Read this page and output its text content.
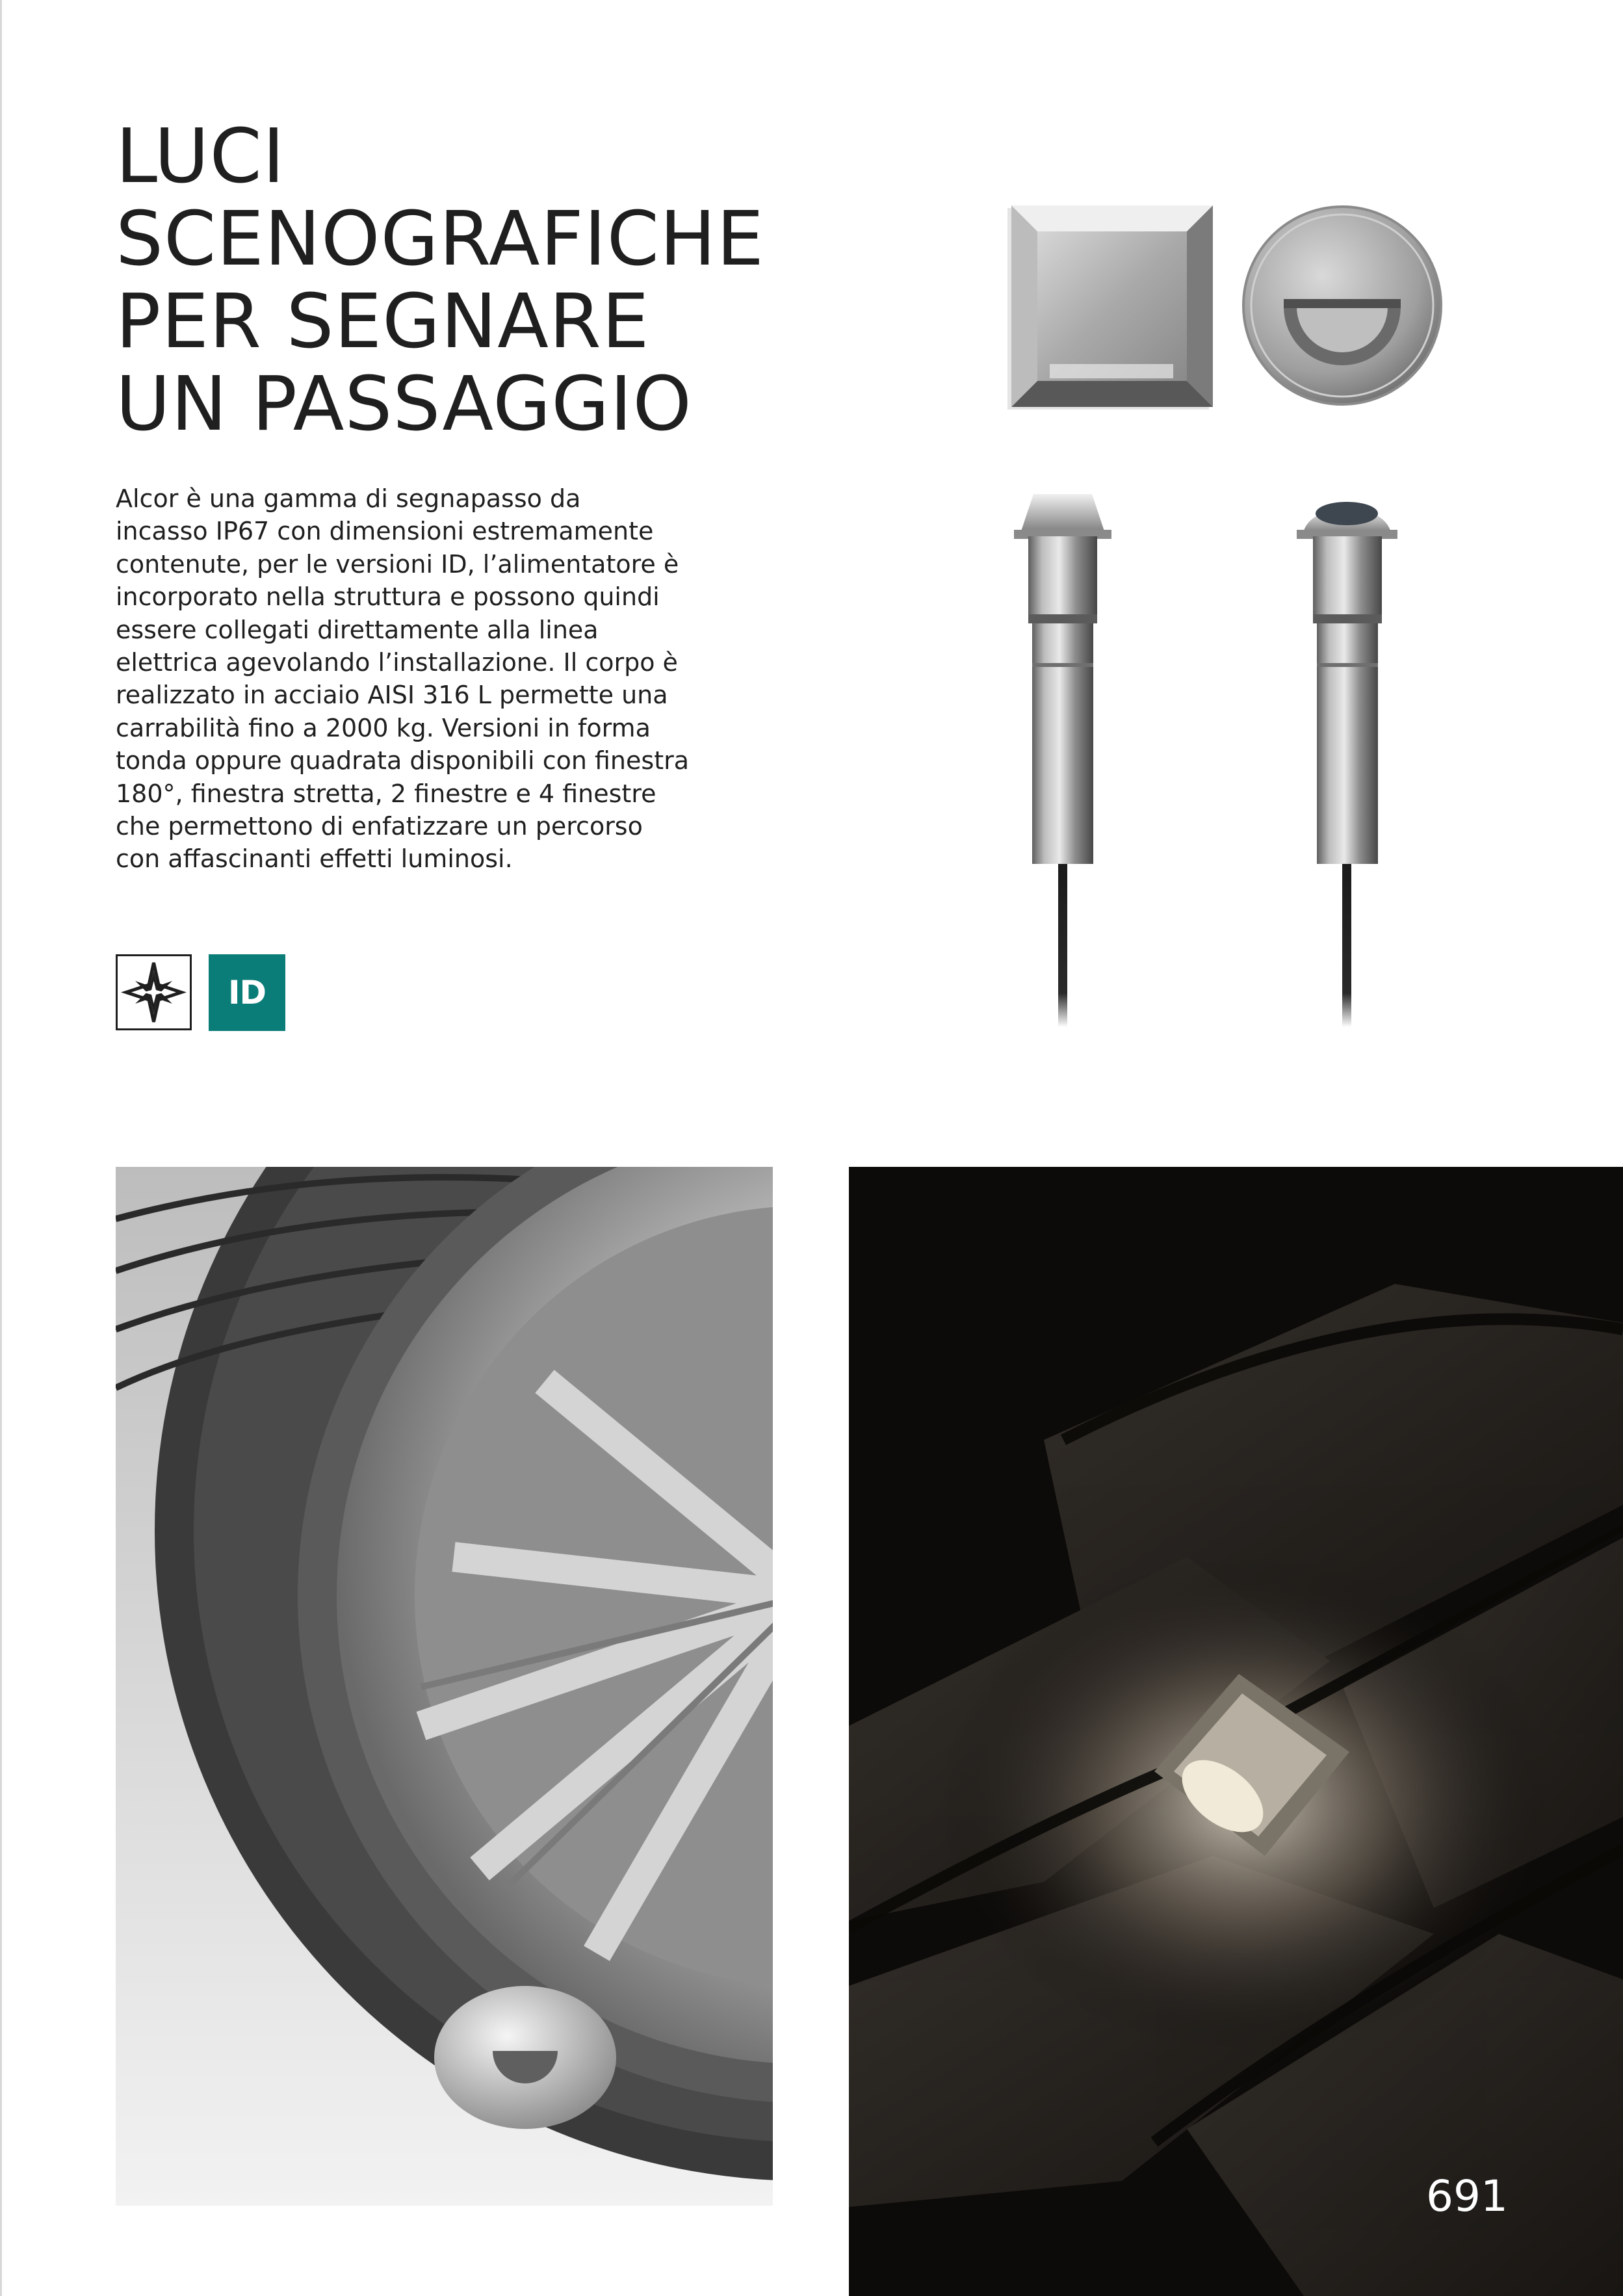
LUCI
SCENOGRAFICHE
PER SEGNARE
UN PASSAGGIO
Alcor è una gamma di segnapasso da
incasso IP67 con dimensioni estremamente
contenute, per le versioni ID, l’alimentatore è
incorporato nella struttura e possono quindi
essere collegati direttamente alla linea
elettrica agevolando l’installazione. Il corpo è
realizzato in acciaio AISI 316 L permette una
carrabilità fino a 2000 kg. Versioni in forma
tonda oppure quadrata disponibili con finestra
180°, finestra stretta, 2 finestre e 4 finestre
che permettono di enfatizzare un percorso
con affascinanti effetti luminosi.
ID
691
